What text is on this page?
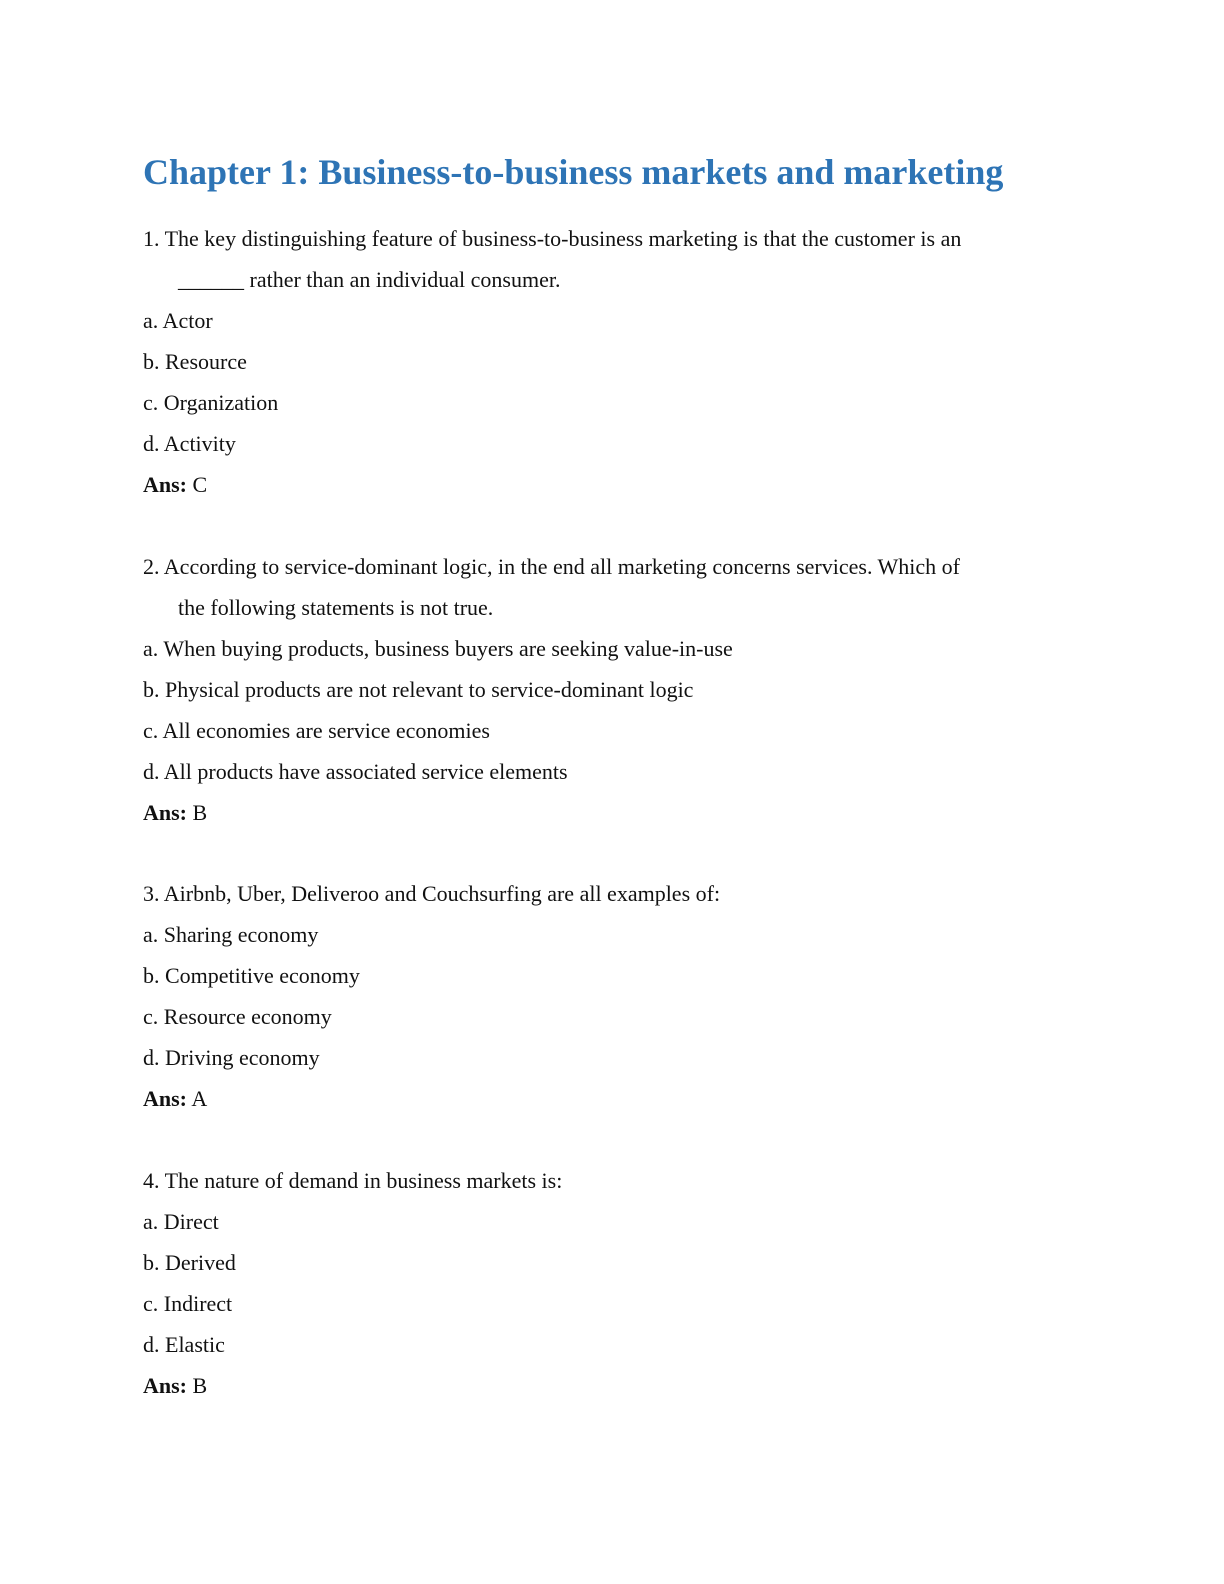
Chapter 1: Business-to-business markets and marketing
1. The key distinguishing feature of business-to-business marketing is that the customer is an
______ rather than an individual consumer.
a. Actor
b. Resource
c. Organization
d. Activity
Ans: C
2. According to service-dominant logic, in the end all marketing concerns services. Which of
the following statements is not true.
a. When buying products, business buyers are seeking value-in-use
b. Physical products are not relevant to service-dominant logic
c. All economies are service economies
d. All products have associated service elements
Ans: B
3. Airbnb, Uber, Deliveroo and Couchsurfing are all examples of:
a. Sharing economy
b. Competitive economy
c. Resource economy
d. Driving economy
Ans: A
4. The nature of demand in business markets is:
a. Direct
b. Derived
c. Indirect
d. Elastic
Ans: B
